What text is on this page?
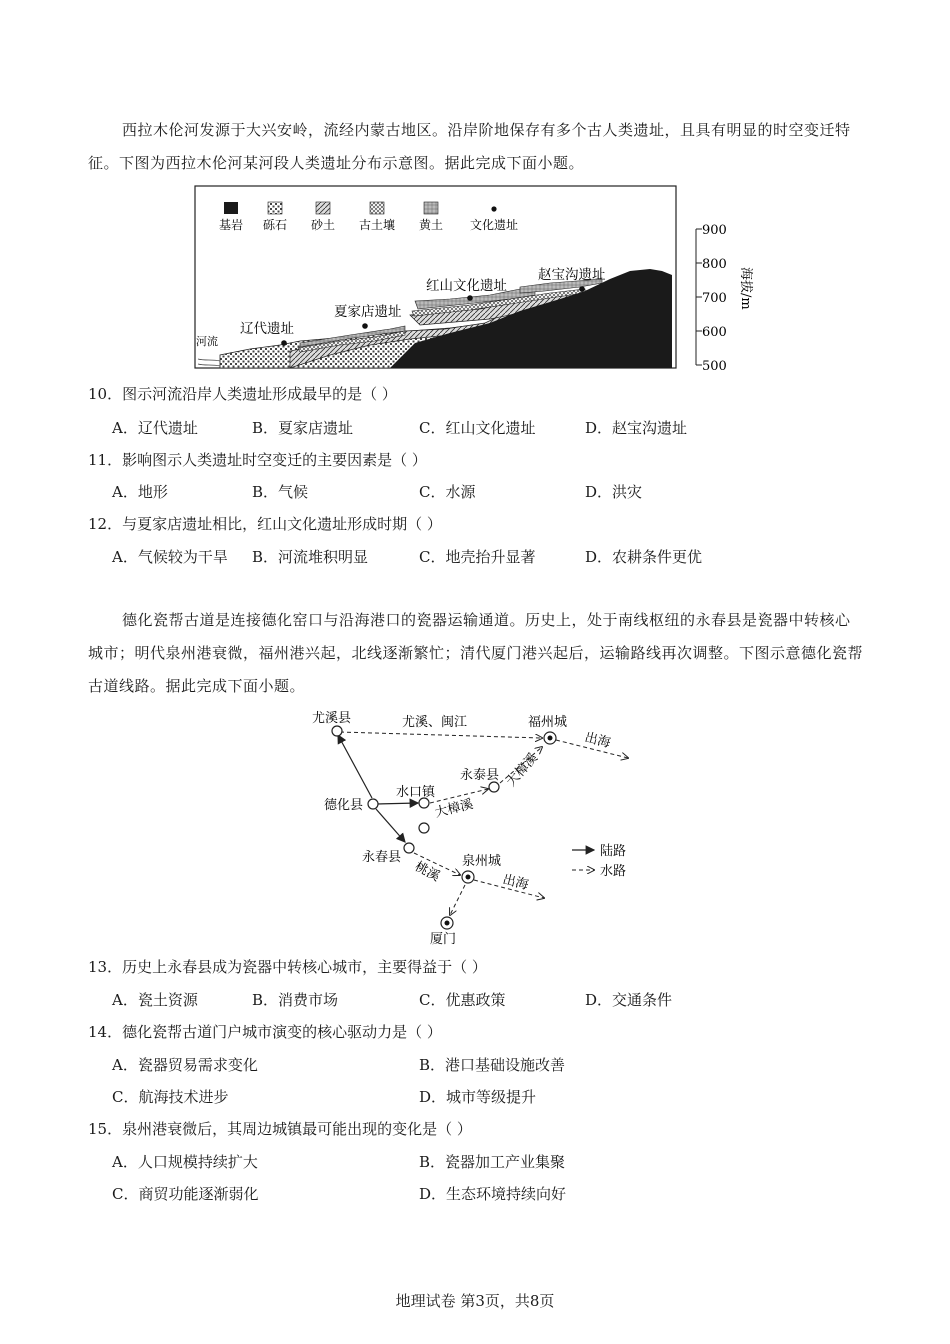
西拉木伦河发源于大兴安岭，流经内蒙古地区。沿岸阶地保存有多个古人类遗址，且具有明显的时空变迁特征。下图为西拉木伦河某河段人类遗址分布示意图。据此完成下面小题。
基岩 砾石 砂土 古土壤 黄土 文化遗址
河流
辽代遗址
夏家店遗址
红山文化遗址
赵宝沟遗址
900
800
700
600
500
海拔/m
10．图示河流沿岸人类遗址形成最早的是（ ）
A．辽代遗址	B．夏家店遗址	C．红山文化遗址	D．赵宝沟遗址
11．影响图示人类遗址时空变迁的主要因素是（ ）
A．地形	B．气候	C．水源	D．洪灾
12．与夏家店遗址相比，红山文化遗址形成时期（ ）
A．气候较为干旱 B．河流堆积明显	C．地壳抬升显著	D．农耕条件更优
德化瓷帮古道是连接德化窑口与沿海港口的瓷器运输通道。历史上，处于南线枢纽的永春县是瓷器中转核心城市；明代泉州港衰微，福州港兴起，北线逐渐繁忙；清代厦门港兴起后，运输路线再次调整。下图示意德化瓷帮古道线路。据此完成下面小题。
尤溪县	福州城
水口镇
永泰县
德化县
永春县	泉州城
厦门
尤溪、闽江
出海
大樟溪
大樟溪
桃溪	出海
陆路
水路
13．历史上永春县成为瓷器中转核心城市，主要得益于（ ）
A．瓷土资源	B．消费市场	C．优惠政策	D．交通条件
14．德化瓷帮古道门户城市演变的核心驱动力是（ ）
A．瓷器贸易需求变化	B．港口基础设施改善
C．航海技术进步	D．城市等级提升
15．泉州港衰微后，其周边城镇最可能出现的变化是（ ）
A．人口规模持续扩大	B．瓷器加工产业集聚
C．商贸功能逐渐弱化	D．生态环境持续向好
地理试卷 第3页，共8页
